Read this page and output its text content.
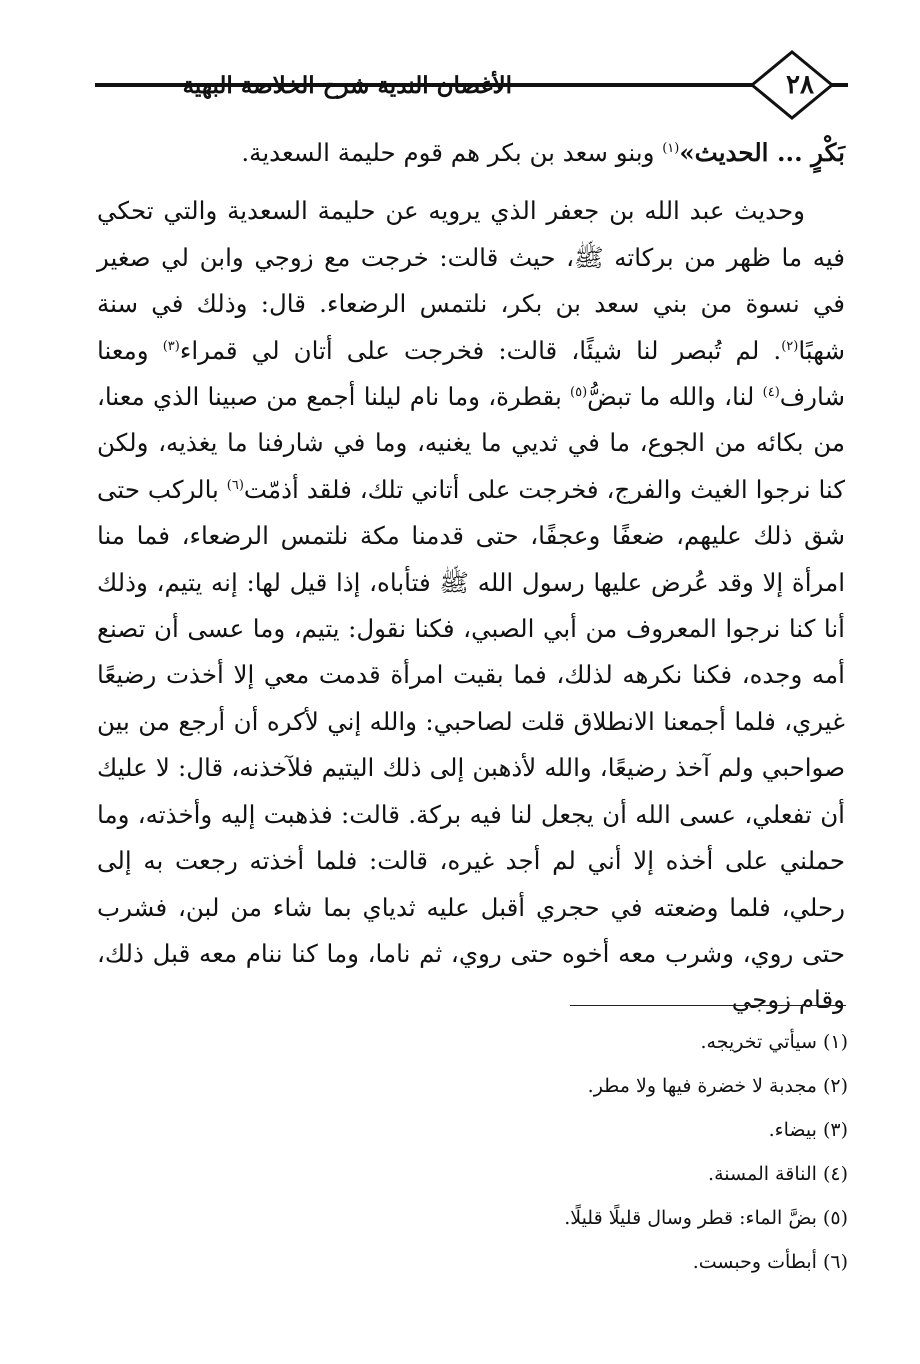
٢٨
الأغصان الندية شرح الخلاصة البهية

بَكْرٍ ... الحديث»$^{(١)}$ وبنو سعد بن بكر هم قوم حليمة السعدية.

وحديث عبد الله بن جعفر الذي يرويه عن حليمة السعدية والتي تحكي فيه ما ظهر من بركاته ﷺ، حيث قالت: خرجت مع زوجي وابن لي صغير في نسوة من بني سعد بن بكر، نلتمس الرضعاء. قال: وذلك في سنة شهبًا$^{(٢)}$. لم تُبصر لنا شيئًا، قالت: فخرجت على أتان لي قمراء$^{(٣)}$ ومعنا شارف$^{(٤)}$ لنا، والله ما تبضُّ$^{(٥)}$ بقطرة، وما نام ليلنا أجمع من صبينا الذي معنا، من بكائه من الجوع، ما في ثديي ما يغنيه، وما في شارفنا ما يغذيه، ولكن كنا نرجوا الغيث والفرج، فخرجت على أتاني تلك، فلقد أذمّت$^{(٦)}$ بالركب حتى شق ذلك عليهم، ضعفًا وعجفًا، حتى قدمنا مكة نلتمس الرضعاء، فما منا امرأة إلا وقد عُرض عليها رسول الله ﷺ فتأباه، إذا قيل لها: إنه يتيم، وذلك أنا كنا نرجوا المعروف من أبي الصبي، فكنا نقول: يتيم، وما عسى أن تصنع أمه وجده، فكنا نكرهه لذلك، فما بقيت امرأة قدمت معي إلا أخذت رضيعًا غيري، فلما أجمعنا الانطلاق قلت لصاحبي: والله إني لأكره أن أرجع من بين صواحبي ولم آخذ رضيعًا، والله لأذهبن إلى ذلك اليتيم فلآخذنه، قال: لا عليك أن تفعلي، عسى الله أن يجعل لنا فيه بركة. قالت: فذهبت إليه وأخذته، وما حملني على أخذه إلا أني لم أجد غيره، قالت: فلما أخذته رجعت به إلى رحلي، فلما وضعته في حجري أقبل عليه ثدياي بما شاء من لبن، فشرب حتى روي، وشرب معه أخوه حتى روي، ثم ناما، وما كنا ننام معه قبل ذلك، وقام زوجي

(١) سيأتي تخريجه.
(٢) مجدبة لا خضرة فيها ولا مطر.
(٣) بيضاء.
(٤) الناقة المسنة.
(٥) بضَّ الماء: قطر وسال قليلًا قليلًا.
(٦) أبطأت وحبست.
